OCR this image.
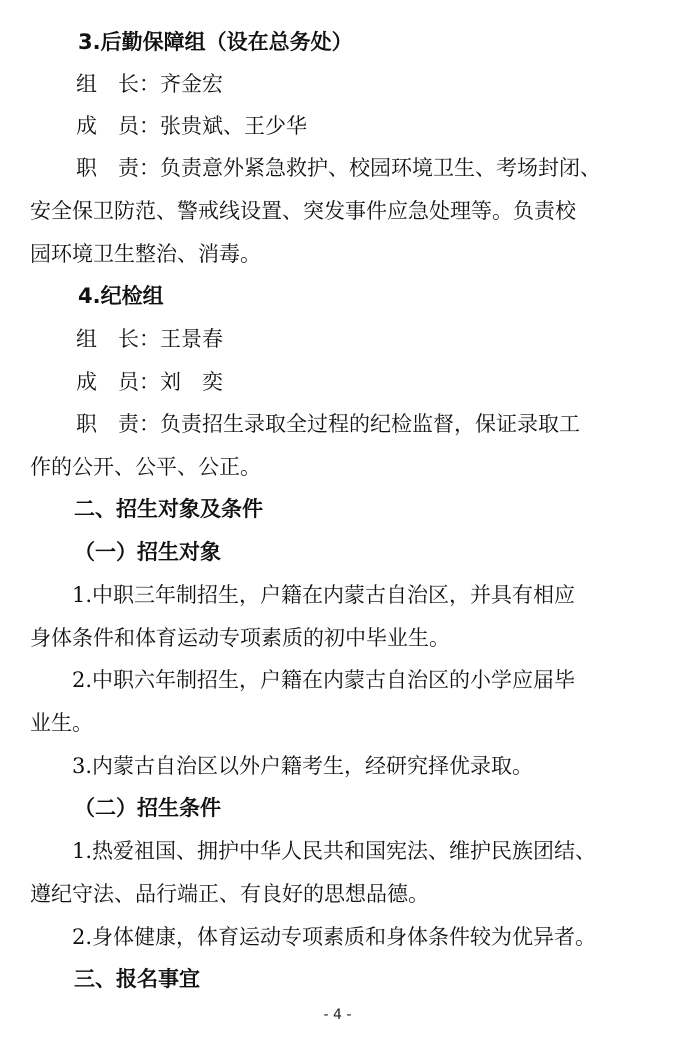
3.后勤保障组（设在总务处）
组　长：齐金宏
成　员：张贵斌、王少华
职　责：负责意外紧急救护、校园环境卫生、考场封闭、
安全保卫防范、警戒线设置、突发事件应急处理等。负责校
园环境卫生整治、消毒。
4.纪检组
组　长：王景春
成　员：刘　奕
职　责：负责招生录取全过程的纪检监督，保证录取工
作的公开、公平、公正。
二、招生对象及条件
（一）招生对象
1.中职三年制招生，户籍在内蒙古自治区，并具有相应
身体条件和体育运动专项素质的初中毕业生。
2.中职六年制招生，户籍在内蒙古自治区的小学应届毕
业生。
3.内蒙古自治区以外户籍考生，经研究择优录取。
（二）招生条件
1.热爱祖国、拥护中华人民共和国宪法、维护民族团结、
遵纪守法、品行端正、有良好的思想品德。
2.身体健康，体育运动专项素质和身体条件较为优异者。
三、报名事宜
- 4 -
